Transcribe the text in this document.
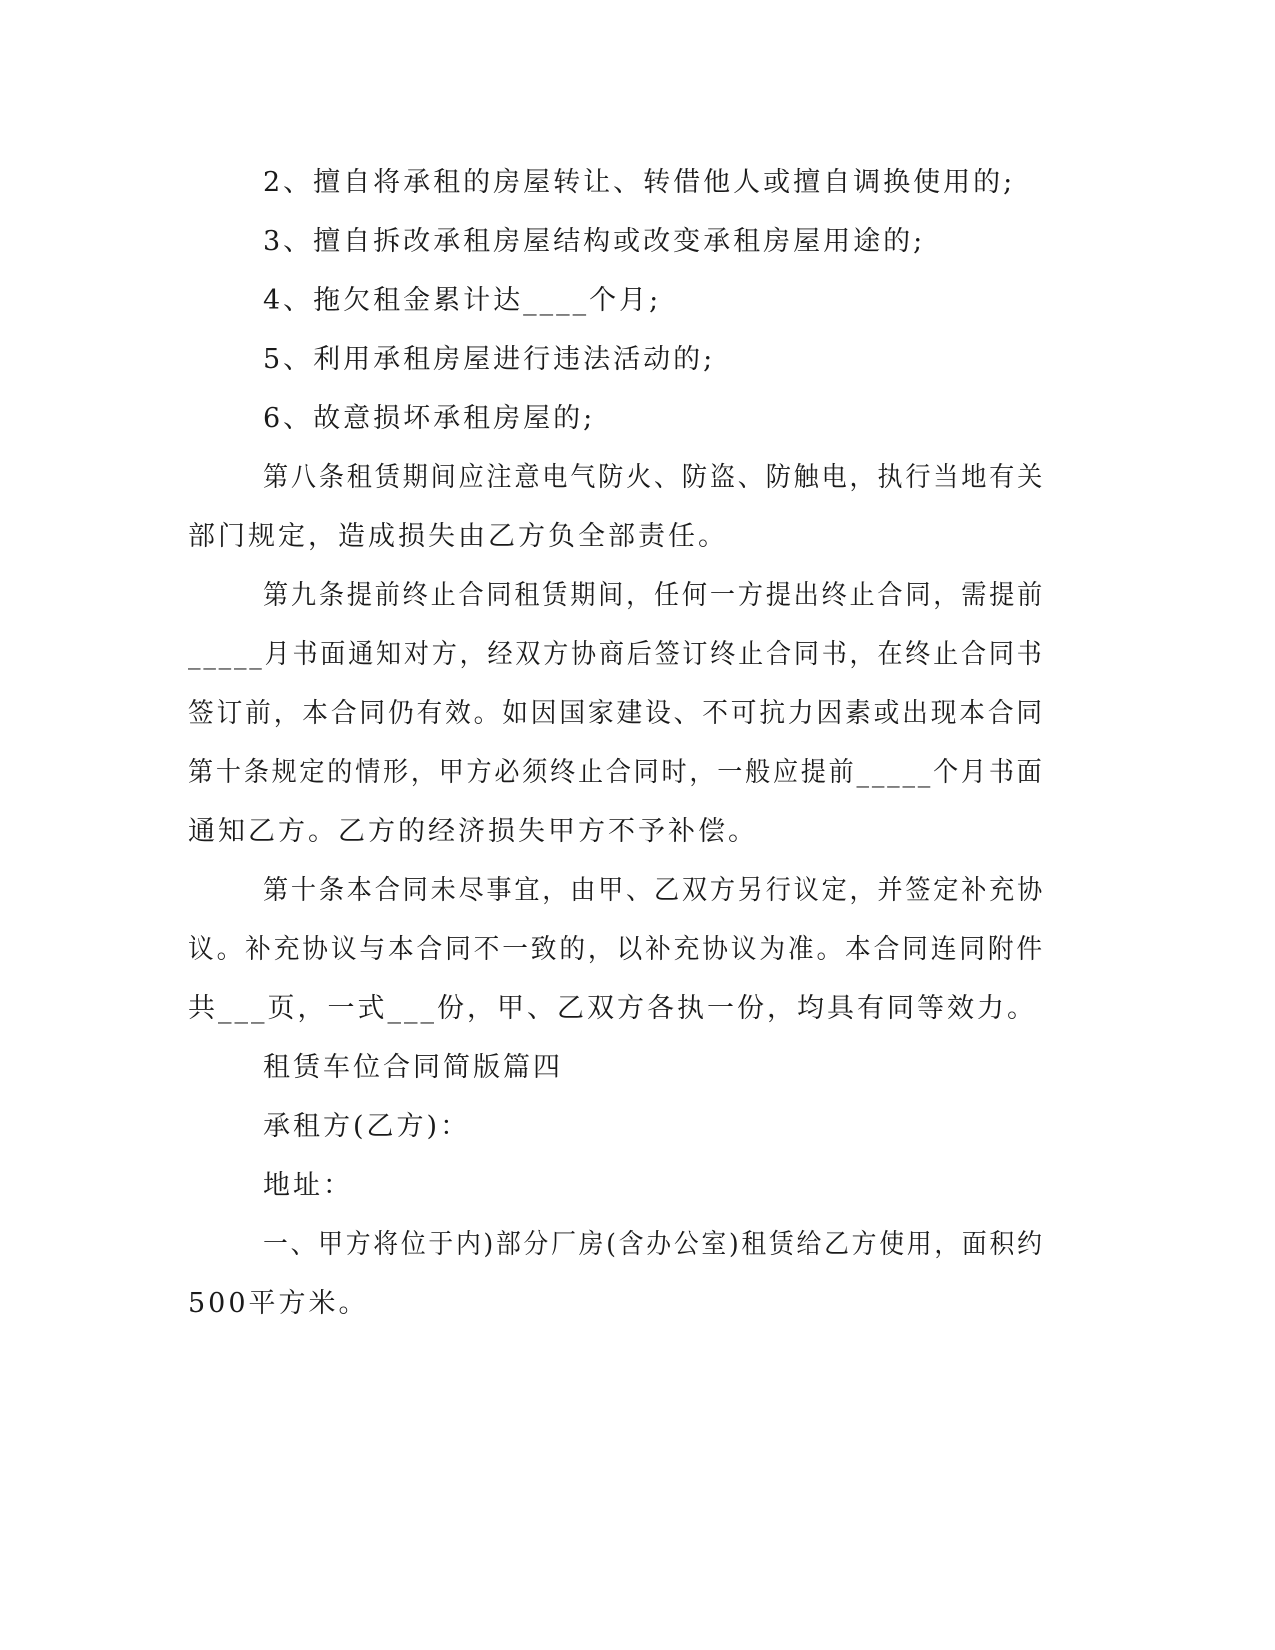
2、擅自将承租的房屋转让、转借他人或擅自调换使用的;
3、擅自拆改承租房屋结构或改变承租房屋用途的;
4、拖欠租金累计达____个月;
5、利用承租房屋进行违法活动的;
6、故意损坏承租房屋的;
第八条租赁期间应注意电气防火、防盗、防触电，执行当地有关
部门规定，造成损失由乙方负全部责任。
第九条提前终止合同租赁期间，任何一方提出终止合同，需提前
_____月书面通知对方，经双方协商后签订终止合同书，在终止合同书
签订前，本合同仍有效。如因国家建设、不可抗力因素或出现本合同
第十条规定的情形，甲方必须终止合同时，一般应提前_____个月书面
通知乙方。乙方的经济损失甲方不予补偿。
第十条本合同未尽事宜，由甲、乙双方另行议定，并签定补充协
议。补充协议与本合同不一致的，以补充协议为准。本合同连同附件
共___页，一式___份，甲、乙双方各执一份，均具有同等效力。
租赁车位合同简版篇四
承租方(乙方)：
地址：
一、甲方将位于内)部分厂房(含办公室)租赁给乙方使用，面积约
500平方米。
